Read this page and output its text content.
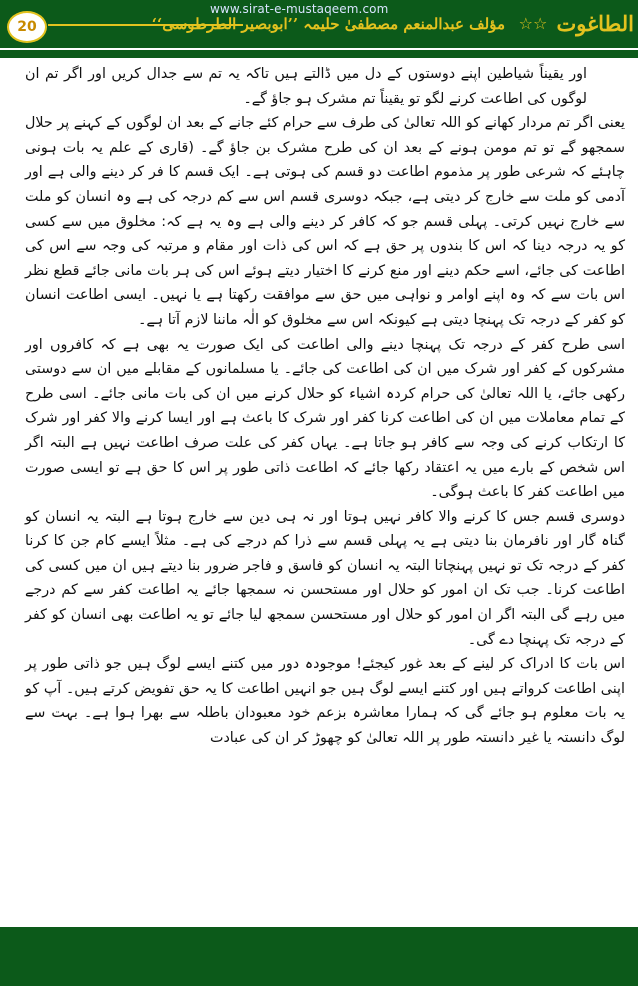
20
www.sirat-e-mustaqeem.com
مؤلف عبدالمنعم مصطفیٰ حلیمہ ’’ابوبصیر الطرطوسی‘‘ ☆☆ الطاغوت

اور یقیناً شیاطین اپنے دوستوں کے دل میں ڈالتے ہیں تاکہ یہ تم سے جدال کریں اور اگر تم ان لوگوں کی اطاعت کرنے لگو تو یقیناً تم مشرک ہو جاؤ گے۔

یعنی اگر تم مردار کھانے کو اللہ تعالیٰ کی طرف سے حرام کئے جانے کے بعد ان لوگوں کے کہنے پر حلال سمجھو گے تو تم مومن ہونے کے بعد ان کی طرح مشرک بن جاؤ گے۔ (قاری کے علم یہ بات ہونی چاہئے کہ شرعی طور پر مذموم اطاعت دو قسم کی ہوتی ہے۔ ایک قسم کا فر کر دینے والی ہے اور آدمی کو ملت سے خارج کر دیتی ہے، جبکہ دوسری قسم اس سے کم درجہ کی ہے وہ انسان کو ملت سے خارج نہیں کرتی۔ پہلی قسم جو کہ کافر کر دینے والی ہے وہ یہ ہے کہ: مخلوق میں سے کسی کو یہ درجہ دینا کہ اس کا بندوں پر حق ہے کہ اس کی ذات اور مقام و مرتبہ کی وجہ سے اس کی اطاعت کی جائے، اسے حکم دینے اور منع کرنے کا اختیار دیتے ہوئے اس کی ہر بات مانی جائے قطع نظر اس بات سے کہ وہ اپنے اوامر و نواہی میں حق سے موافقت رکھتا ہے یا نہیں۔ ایسی اطاعت انسان کو کفر کے درجہ تک پہنچا دیتی ہے کیونکہ اس سے مخلوق کو الٰہ ماننا لازم آتا ہے۔

اسی طرح کفر کے درجہ تک پہنچا دینے والی اطاعت کی ایک صورت یہ بھی ہے کہ کافروں اور مشرکوں کے کفر اور شرک میں ان کی اطاعت کی جائے۔ یا مسلمانوں کے مقابلے میں ان سے دوستی رکھی جائے، یا اللہ تعالیٰ کی حرام کردہ اشیاء کو حلال کرنے میں ان کی بات مانی جائے۔ اسی طرح کے تمام معاملات میں ان کی اطاعت کرنا کفر اور شرک کا باعث ہے اور ایسا کرنے والا کفر اور شرک کا ارتکاب کرنے کی وجہ سے کافر ہو جاتا ہے۔ یہاں کفر کی علت صرف اطاعت نہیں ہے البتہ اگر اس شخص کے بارے میں یہ اعتقاد رکھا جائے کہ اطاعت ذاتی طور پر اس کا حق ہے تو ایسی صورت میں اطاعت کفر کا باعث ہوگی۔

دوسری قسم جس کا کرنے والا کافر نہیں ہوتا اور نہ ہی دین سے خارج ہوتا ہے البتہ یہ انسان کو گناہ گار اور نافرمان بنا دیتی ہے یہ پہلی قسم سے ذرا کم درجے کی ہے۔ مثلاً ایسے کام جن کا کرنا کفر کے درجہ تک تو نہیں پہنچاتا البتہ یہ انسان کو فاسق و فاجر ضرور بنا دیتے ہیں ان میں کسی کی اطاعت کرنا۔ جب تک ان امور کو حلال اور مستحسن نہ سمجھا جائے یہ اطاعت کفر سے کم درجے میں رہے گی البتہ اگر ان امور کو حلال اور مستحسن سمجھ لیا جائے تو یہ اطاعت بھی انسان کو کفر کے درجہ تک پہنچا دے گی۔

اس بات کا ادراک کر لینے کے بعد غور کیجئے! موجودہ دور میں کتنے ایسے لوگ ہیں جو ذاتی طور پر اپنی اطاعت کرواتے ہیں اور کتنے ایسے لوگ ہیں جو انہیں اطاعت کا یہ حق تفویض کرتے ہیں۔ آپ کو یہ بات معلوم ہو جائے گی کہ ہمارا معاشرہ بزعم خود معبودان باطلہ سے بھرا ہوا ہے۔ بہت سے لوگ دانستہ یا غیر دانستہ طور پر اللہ تعالیٰ کو چھوڑ کر ان کی عبادت
